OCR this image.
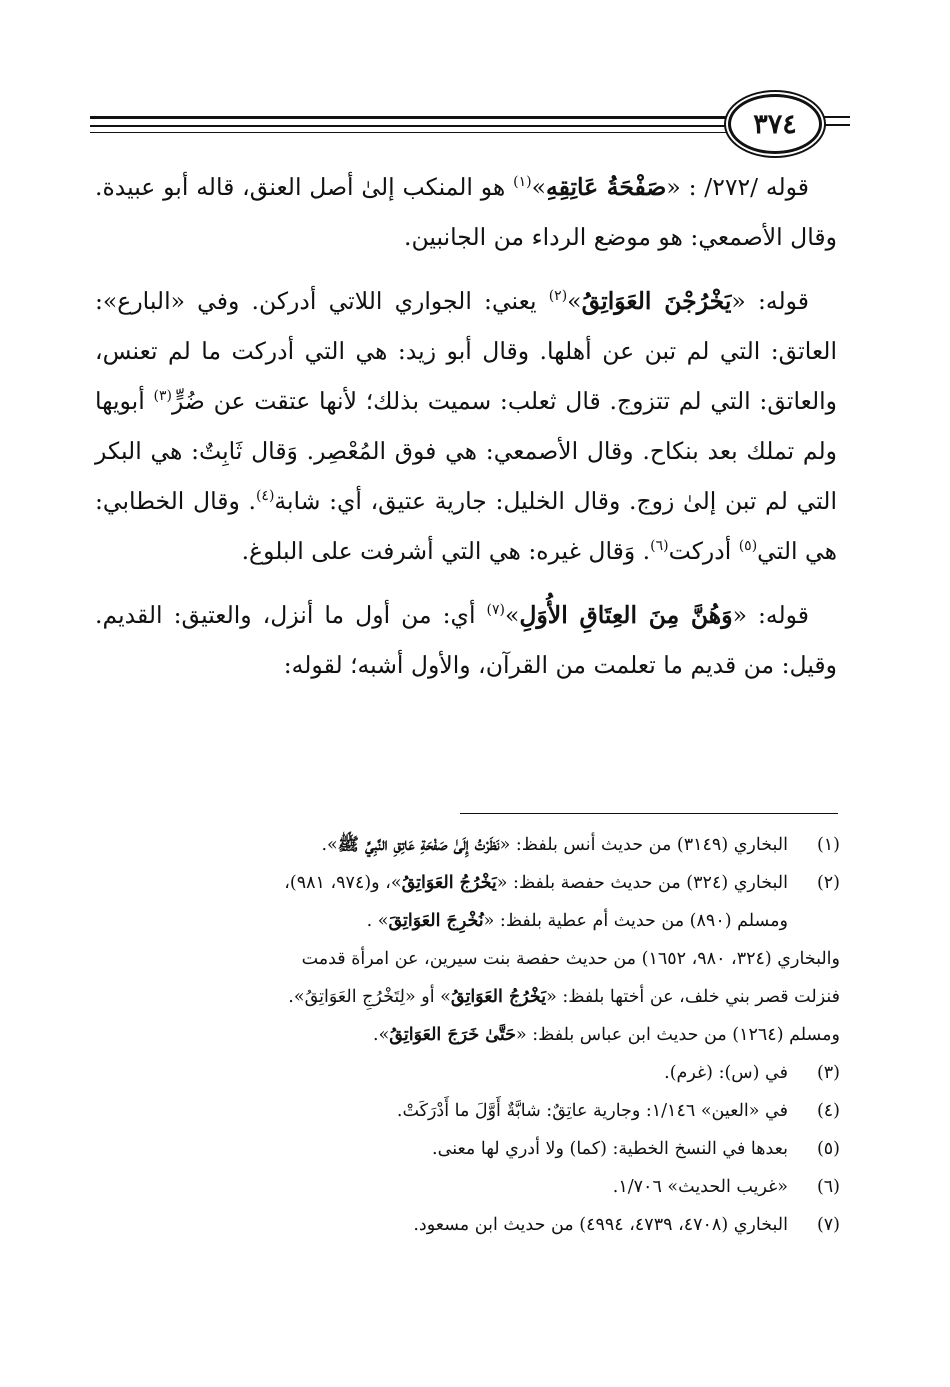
٣٧٤

قوله /٢٧٢/ : «صَفْحَةُ عَاتِقِهِ»$^{(١)}$ هو المنكب إلىٰ أصل العنق، قاله أبو عبيدة. وقال الأصمعي: هو موضع الرداء من الجانبين.

قوله: «يَخْرُجْنَ العَوَاتِقُ»$^{(٢)}$ يعني: الجواري اللاتي أدركن. وفي «البارع»: العاتق: التي لم تبن عن أهلها. وقال أبو زيد: هي التي أدركت ما لم تعنس، والعاتق: التي لم تتزوج. قال ثعلب: سميت بذلك؛ لأنها عتقت عن ضُرٍّ$^{(٣)}$ أبويها ولم تملك بعد بنكاح. وقال الأصمعي: هي فوق المُعْصِر. وَقال ثَابِتٌ: هي البكر التي لم تبن إلىٰ زوج. وقال الخليل: جارية عتيق، أي: شابة$^{(٤)}$. وقال الخطابي: هي التي$^{(٥)}$ أدركت$^{(٦)}$. وَقال غيره: هي التي أشرفت على البلوغ.

قوله: «وَهُنَّ مِنَ العِتَاقِ الأُوَلِ»$^{(٧)}$ أي: من أول ما أنزل، والعتيق: القديم. وقيل: من قديم ما تعلمت من القرآن، والأول أشبه؛ لقوله:

(١)
البخاري (٣١٤٩) من حديث أنس بلفظ: «نَظَرْتُ إِلَىٰ صَفْحَةِ عَاتِقِ النَّبِيِّ ﷺ».
(٢)
البخاري (٣٢٤) من حديث حفصة بلفظ: «يَخْرُجُ العَوَاتِقُ»، و(٩٧٤، ٩٨١)،
ومسلم (٨٩٠) من حديث أم عطية بلفظ: «نُخْرِجَ العَوَاتِقَ» .
والبخاري (٣٢٤، ٩٨٠، ١٦٥٢) من حديث حفصة بنت سيرين، عن امرأة قدمت
فنزلت قصر بني خلف، عن أختها بلفظ: «يَخْرُجُ العَوَاتِقُ» أو «لِتَخْرُجِ العَوَاتِقُ».
ومسلم (١٢٦٤) من حديث ابن عباس بلفظ: «حَتَّىٰ خَرَجَ العَوَاتِقُ».
(٣)
في (س): (غرم).
(٤)
في «العين» ١/١٤٦: وجارية عاتِقٌ: شابَّةٌ أَوَّلَ ما أَدْرَكَتْ.
(٥)
بعدها في النسخ الخطية: (كما) ولا أدري لها معنى.
(٦)
«غريب الحديث» ١/٧٠٦.
(٧)
البخاري (٤٧٠٨، ٤٧٣٩، ٤٩٩٤) من حديث ابن مسعود.
